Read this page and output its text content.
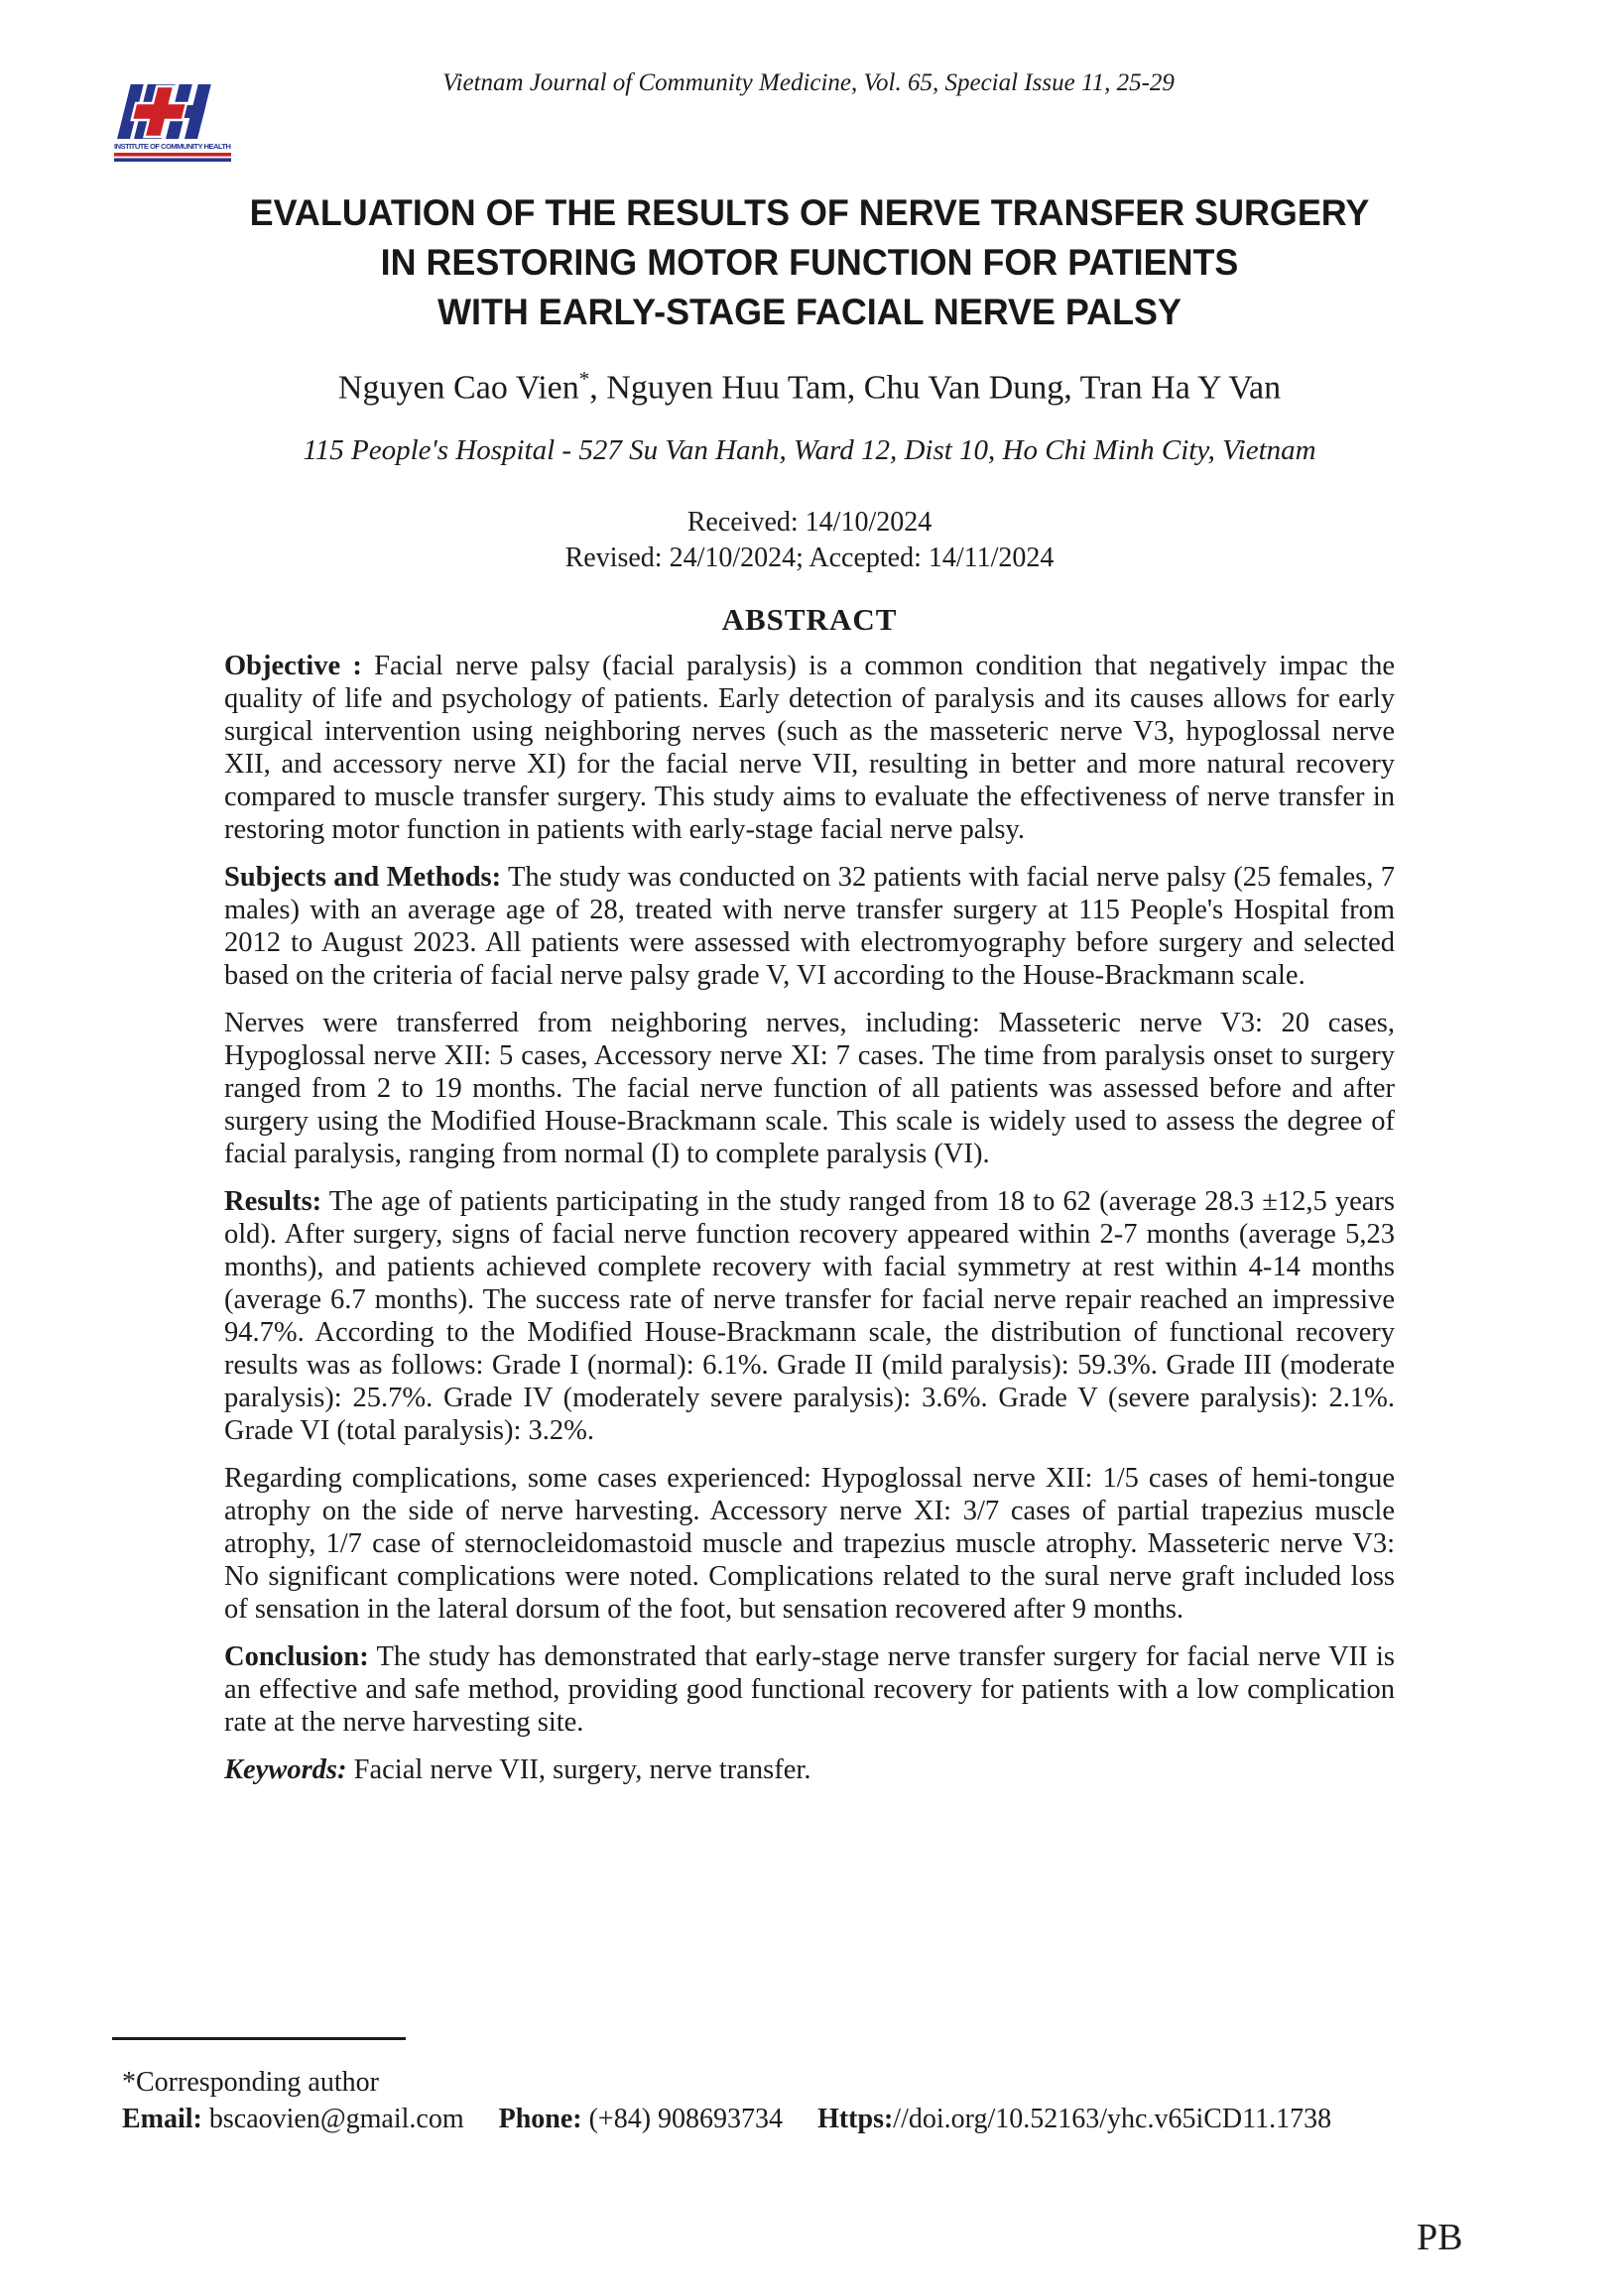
Vietnam Journal of Community Medicine, Vol. 65, Special Issue 11, 25-29
INSTITUTE OF COMMUNITY HEALTH
EVALUATION OF THE RESULTS OF NERVE TRANSFER SURGERY
IN RESTORING MOTOR FUNCTION FOR PATIENTS
WITH EARLY-STAGE FACIAL NERVE PALSY

Nguyen Cao Vien*, Nguyen Huu Tam, Chu Van Dung, Tran Ha Y Van

115 People's Hospital - 527 Su Van Hanh, Ward 12, Dist 10, Ho Chi Minh City, Vietnam

Received: 14/10/2024
Revised: 24/10/2024; Accepted: 14/11/2024
ABSTRACT

Objective : Facial nerve palsy (facial paralysis) is a common condition that negatively impac the quality of life and psychology of patients. Early detection of paralysis and its causes allows for early surgical intervention using neighboring nerves (such as the masseteric nerve V3, hypoglossal nerve XII, and accessory nerve XI) for the facial nerve VII, resulting in better and more natural recovery compared to muscle transfer surgery. This study aims to evaluate the effectiveness of nerve transfer in restoring motor function in patients with early-stage facial nerve palsy.

Subjects and Methods: The study was conducted on 32 patients with facial nerve palsy (25 females, 7 males) with an average age of 28, treated with nerve transfer surgery at 115 People's Hospital from 2012 to August 2023. All patients were assessed with electromyography before surgery and selected based on the criteria of facial nerve palsy grade V, VI according to the House-Brackmann scale.

Nerves were transferred from neighboring nerves, including: Masseteric nerve V3: 20 cases, Hypoglossal nerve XII: 5 cases, Accessory nerve XI: 7 cases. The time from paralysis onset to surgery ranged from 2 to 19 months. The facial nerve function of all patients was assessed before and after surgery using the Modified House-Brackmann scale. This scale is widely used to assess the degree of facial paralysis, ranging from normal (I) to complete paralysis (VI).

Results: The age of patients participating in the study ranged from 18 to 62 (average 28.3 ±12,5 years old). After surgery, signs of facial nerve function recovery appeared within 2-7 months (average 5,23 months), and patients achieved complete recovery with facial symmetry at rest within 4-14 months (average 6.7 months). The success rate of nerve transfer for facial nerve repair reached an impressive 94.7%. According to the Modified House-Brackmann scale, the distribution of functional recovery results was as follows: Grade I (normal): 6.1%. Grade II (mild paralysis): 59.3%. Grade III (moderate paralysis): 25.7%. Grade IV (moderately severe paralysis): 3.6%. Grade V (severe paralysis): 2.1%. Grade VI (total paralysis): 3.2%.

Regarding complications, some cases experienced: Hypoglossal nerve XII: 1/5 cases of hemi-tongue atrophy on the side of nerve harvesting. Accessory nerve XI: 3/7 cases of partial trapezius muscle atrophy, 1/7 case of sternocleidomastoid muscle and trapezius muscle atrophy. Masseteric nerve V3: No significant complications were noted. Complications related to the sural nerve graft included loss of sensation in the lateral dorsum of the foot, but sensation recovered after 9 months.

Conclusion: The study has demonstrated that early-stage nerve transfer surgery for facial nerve VII is an effective and safe method, providing good functional recovery for patients with a low complication rate at the nerve harvesting site.

Keywords: Facial nerve VII, surgery, nerve transfer.

*Corresponding author
Email: bscaovien@gmail.com Phone: (+84) 908693734 Https://doi.org/10.52163/yhc.v65iCD11.1738
PB
